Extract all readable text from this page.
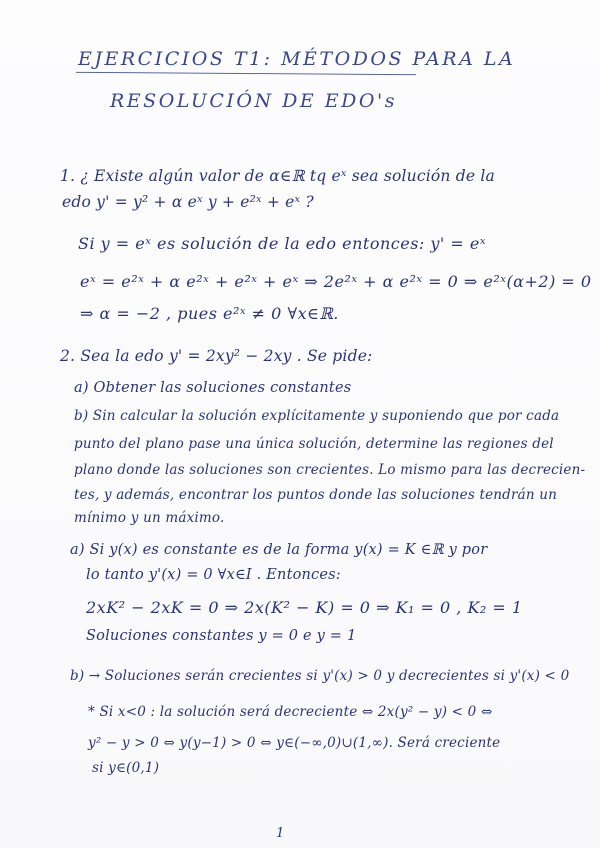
EJERCICIOS T1: MÉTODOS PARA LA
RESOLUCIÓN DE EDO's
1. ¿ Existe algún valor de α∈ℝ tq eˣ sea solución de la
edo y' = y² + α eˣ y + e²ˣ + eˣ ?
Si y = eˣ es solución de la edo entonces: y' = eˣ
eˣ = e²ˣ + α e²ˣ + e²ˣ + eˣ ⇒ 2e²ˣ + α e²ˣ = 0 ⇒ e²ˣ(α+2) = 0
⇒ α = −2 , pues e²ˣ ≠ 0 ∀x∈ℝ.
2. Sea la edo y' = 2xy² − 2xy . Se pide:
a) Obtener las soluciones constantes
b) Sin calcular la solución explícitamente y suponiendo que por cada
punto del plano pase una única solución, determine las regiones del
plano donde las soluciones son crecientes. Lo mismo para las decrecien-
tes, y además, encontrar los puntos donde las soluciones tendrán un
mínimo y un máximo.
a) Si y(x) es constante es de la forma y(x) = K ∈ℝ y por
lo tanto y'(x) = 0 ∀x∈I . Entonces:
2xK² − 2xK = 0 ⇒ 2x(K² − K) = 0 ⇒ K₁ = 0 , K₂ = 1
Soluciones constantes y = 0 e y = 1
b) → Soluciones serán crecientes si y'(x) > 0 y decrecientes si y'(x) < 0
* Si x<0 : la solución será decreciente ⇔ 2x(y² − y) < 0 ⇔
y² − y > 0 ⇔ y(y−1) > 0 ⇔ y∈(−∞,0)∪(1,∞). Será creciente
si y∈(0,1)
1
